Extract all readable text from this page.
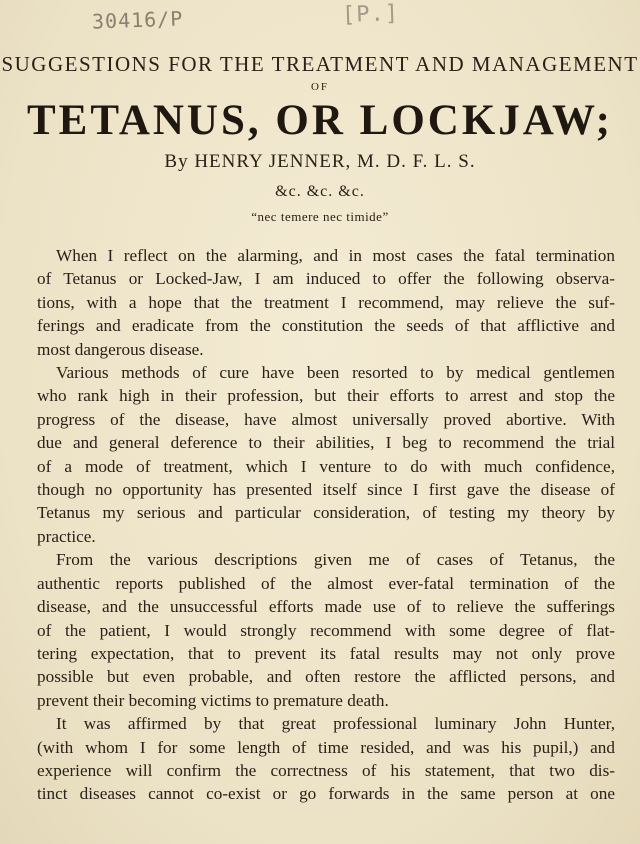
30416/P	[P.]
SUGGESTIONS FOR THE TREATMENT AND MANAGEMENT
OF
TETANUS, OR LOCKJAW;
By HENRY JENNER, M. D. F. L. S.
&c. &c. &c.
“nec temere nec timide”
When I reflect on the alarming, and in most cases the fatal termination
of Tetanus or Locked-Jaw, I am induced to offer the following observa-
tions, with a hope that the treatment I recommend, may relieve the suf-
ferings and eradicate from the constitution the seeds of that afflictive and
most dangerous disease.
Various methods of cure have been resorted to by medical gentlemen
who rank high in their profession, but their efforts to arrest and stop the
progress of the disease, have almost universally proved abortive. With
due and general deference to their abilities, I beg to recommend the trial
of a mode of treatment, which I venture to do with much confidence,
though no opportunity has presented itself since I first gave the disease of
Tetanus my serious and particular consideration, of testing my theory by
practice.
From the various descriptions given me of cases of Tetanus, the
authentic reports published of the almost ever-fatal termination of the
disease, and the unsuccessful efforts made use of to relieve the sufferings
of the patient, I would strongly recommend with some degree of flat-
tering expectation, that to prevent its fatal results may not only prove
possible but even probable, and often restore the afflicted persons, and
prevent their becoming victims to premature death.
It was affirmed by that great professional luminary John Hunter,
(with whom I for some length of time resided, and was his pupil,) and
experience will confirm the correctness of his statement, that two dis-
tinct diseases cannot co-exist or go forwards in the same person at one
